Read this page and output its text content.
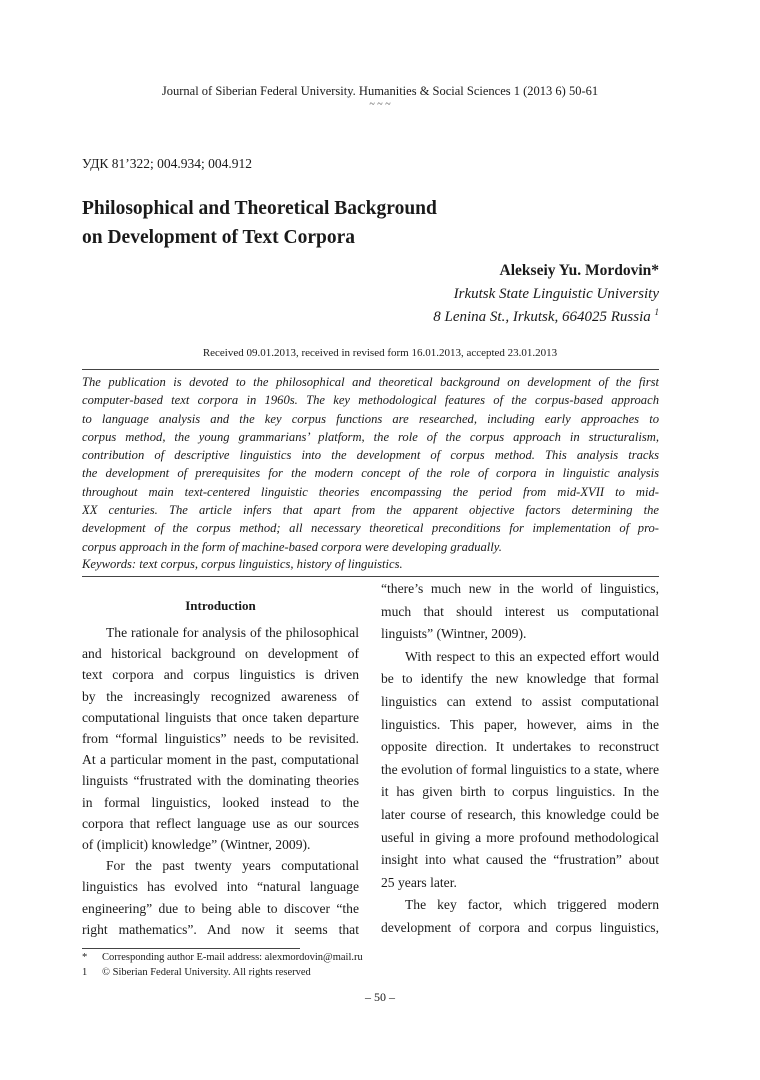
Journal of Siberian Federal University. Humanities & Social Sciences 1 (2013 6) 50-61
~ ~ ~
УДК 81’322; 004.934; 004.912
Philosophical and Theoretical Background
on Development of Text Corpora
Alekseiy Yu. Mordovin*
Irkutsk State Linguistic University
8 Lenina St., Irkutsk, 664025 Russia $^1$
Received 09.01.2013, received in revised form 16.01.2013, accepted 23.01.2013
The publication is devoted to the philosophical and theoretical background on development of the first
computer-based text corpora in 1960s. The key methodological features of the corpus-based approach
to language analysis and the key corpus functions are researched, including early approaches to
corpus method, the young grammarians’ platform, the role of the corpus approach in structuralism,
contribution of descriptive linguistics into the development of corpus method. This analysis tracks
the development of prerequisites for the modern concept of the role of corpora in linguistic analysis
throughout main text-centered linguistic theories encompassing the period from mid-XVII to mid-
XX centuries. The article infers that apart from the apparent objective factors determining the
development of the corpus method; all necessary theoretical preconditions for implementation of pro-
corpus approach in the form of machine-based corpora were developing gradually.
Keywords: text corpus, corpus linguistics, history of linguistics.
Introduction
The rationale for analysis of the philosophical
and historical background on development of
text corpora and corpus linguistics is driven
by the increasingly recognized awareness of
computational linguists that once taken departure
from “formal linguistics” needs to be revisited.
At a particular moment in the past, computational
linguists “frustrated with the dominating theories
in formal linguistics, looked instead to the
corpora that reflect language use as our sources
of (implicit) knowledge” (Wintner, 2009).
For the past twenty years computational
linguistics has evolved into “natural language
engineering” due to being able to discover “the
right mathematics”. And now it seems that
“there’s much new in the world of linguistics,
much that should interest us computational
linguists” (Wintner, 2009).
With respect to this an expected effort would
be to identify the new knowledge that formal
linguistics can extend to assist computational
linguistics. This paper, however, aims in the
opposite direction. It undertakes to reconstruct
the evolution of formal linguistics to a state, where
it has given birth to corpus linguistics. In the
later course of research, this knowledge could be
useful in giving a more profound methodological
insight into what caused the “frustration” about
25 years later.
The key factor, which triggered modern
development of corpora and corpus linguistics,
* Corresponding author E-mail address: alexmordovin@mail.ru
1 © Siberian Federal University. All rights reserved
– 50 –
